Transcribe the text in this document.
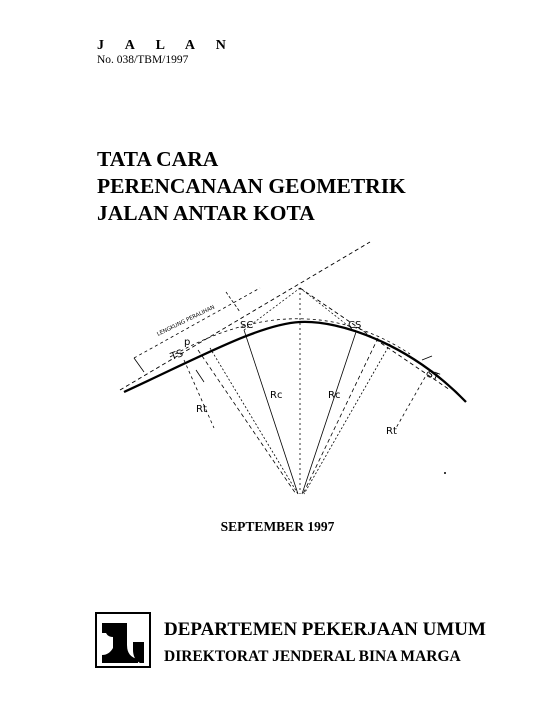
J A L A N
No. 038/TBM/1997
TATA CARA
PERENCANAAN GEOMETRIK
JALAN ANTAR KOTA
LENGKUNG PERALIHAN
TS
p
SC	CS
ST
Rc	Rc
Rt
Rt
SEPTEMBER 1997
DEPARTEMEN PEKERJAAN UMUM
DIREKTORAT JENDERAL BINA MARGA
